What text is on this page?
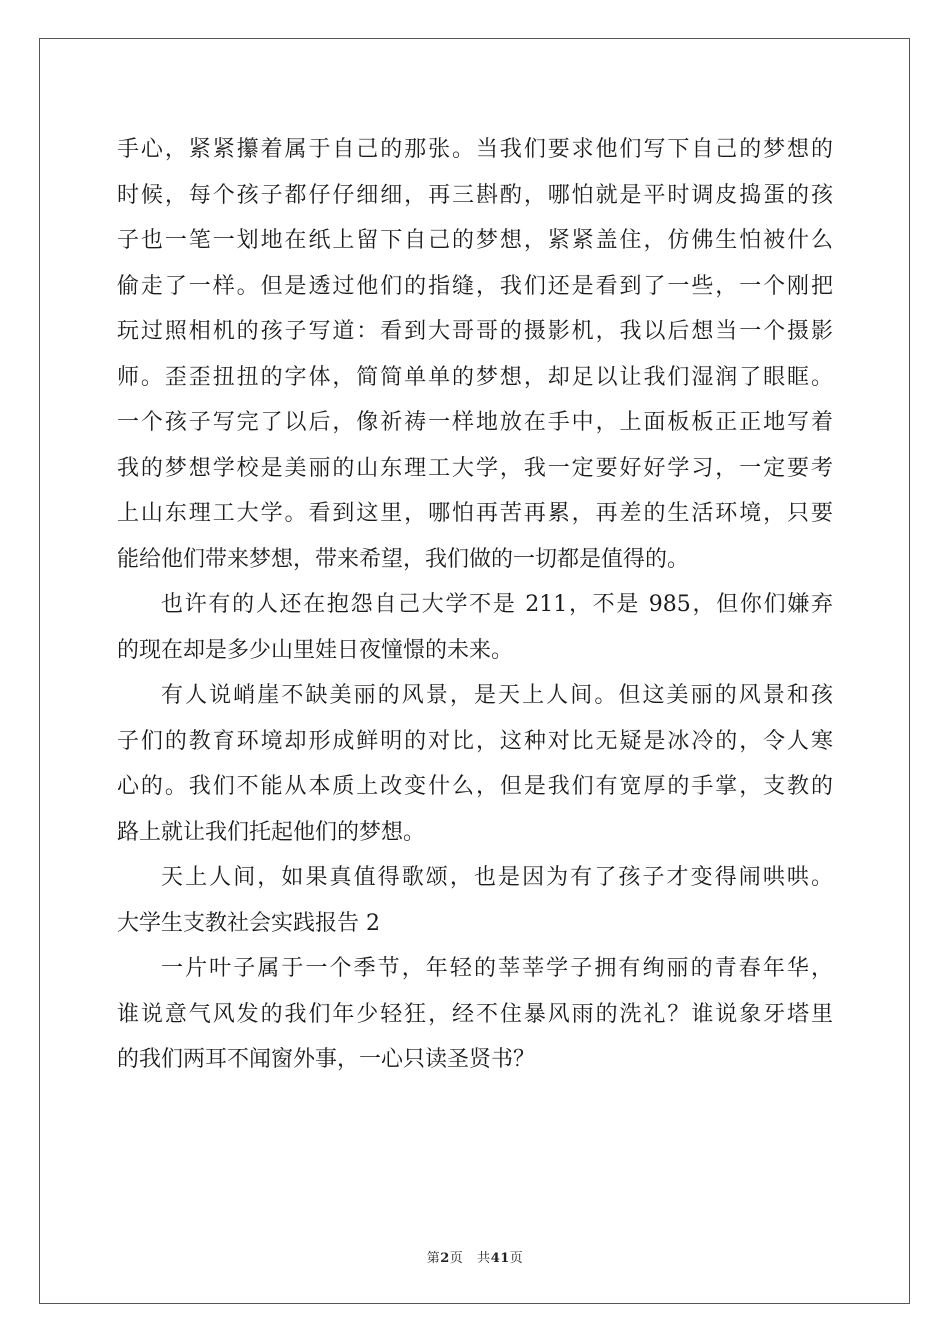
手心，紧紧攥着属于自己的那张。当我们要求他们写下自己的梦想的
时候，每个孩子都仔仔细细，再三斟酌，哪怕就是平时调皮捣蛋的孩
子也一笔一划地在纸上留下自己的梦想，紧紧盖住，仿佛生怕被什么
偷走了一样。但是透过他们的指缝，我们还是看到了一些，一个刚把
玩过照相机的孩子写道：看到大哥哥的摄影机，我以后想当一个摄影
师。歪歪扭扭的字体，简简单单的梦想，却足以让我们湿润了眼眶。
一个孩子写完了以后，像祈祷一样地放在手中，上面板板正正地写着
我的梦想学校是美丽的山东理工大学，我一定要好好学习，一定要考
上山东理工大学。看到这里，哪怕再苦再累，再差的生活环境，只要
能给他们带来梦想，带来希望，我们做的一切都是值得的。
也许有的人还在抱怨自己大学不是 211，不是 985，但你们嫌弃
的现在却是多少山里娃日夜憧憬的未来。
有人说峭崖不缺美丽的风景，是天上人间。但这美丽的风景和孩
子们的教育环境却形成鲜明的对比，这种对比无疑是冰冷的，令人寒
心的。我们不能从本质上改变什么，但是我们有宽厚的手掌，支教的
路上就让我们托起他们的梦想。
天上人间，如果真值得歌颂，也是因为有了孩子才变得闹哄哄。
大学生支教社会实践报告 2
一片叶子属于一个季节，年轻的莘莘学子拥有绚丽的青春年华，
谁说意气风发的我们年少轻狂，经不住暴风雨的洗礼？谁说象牙塔里
的我们两耳不闻窗外事，一心只读圣贤书？
第2页 共41页
